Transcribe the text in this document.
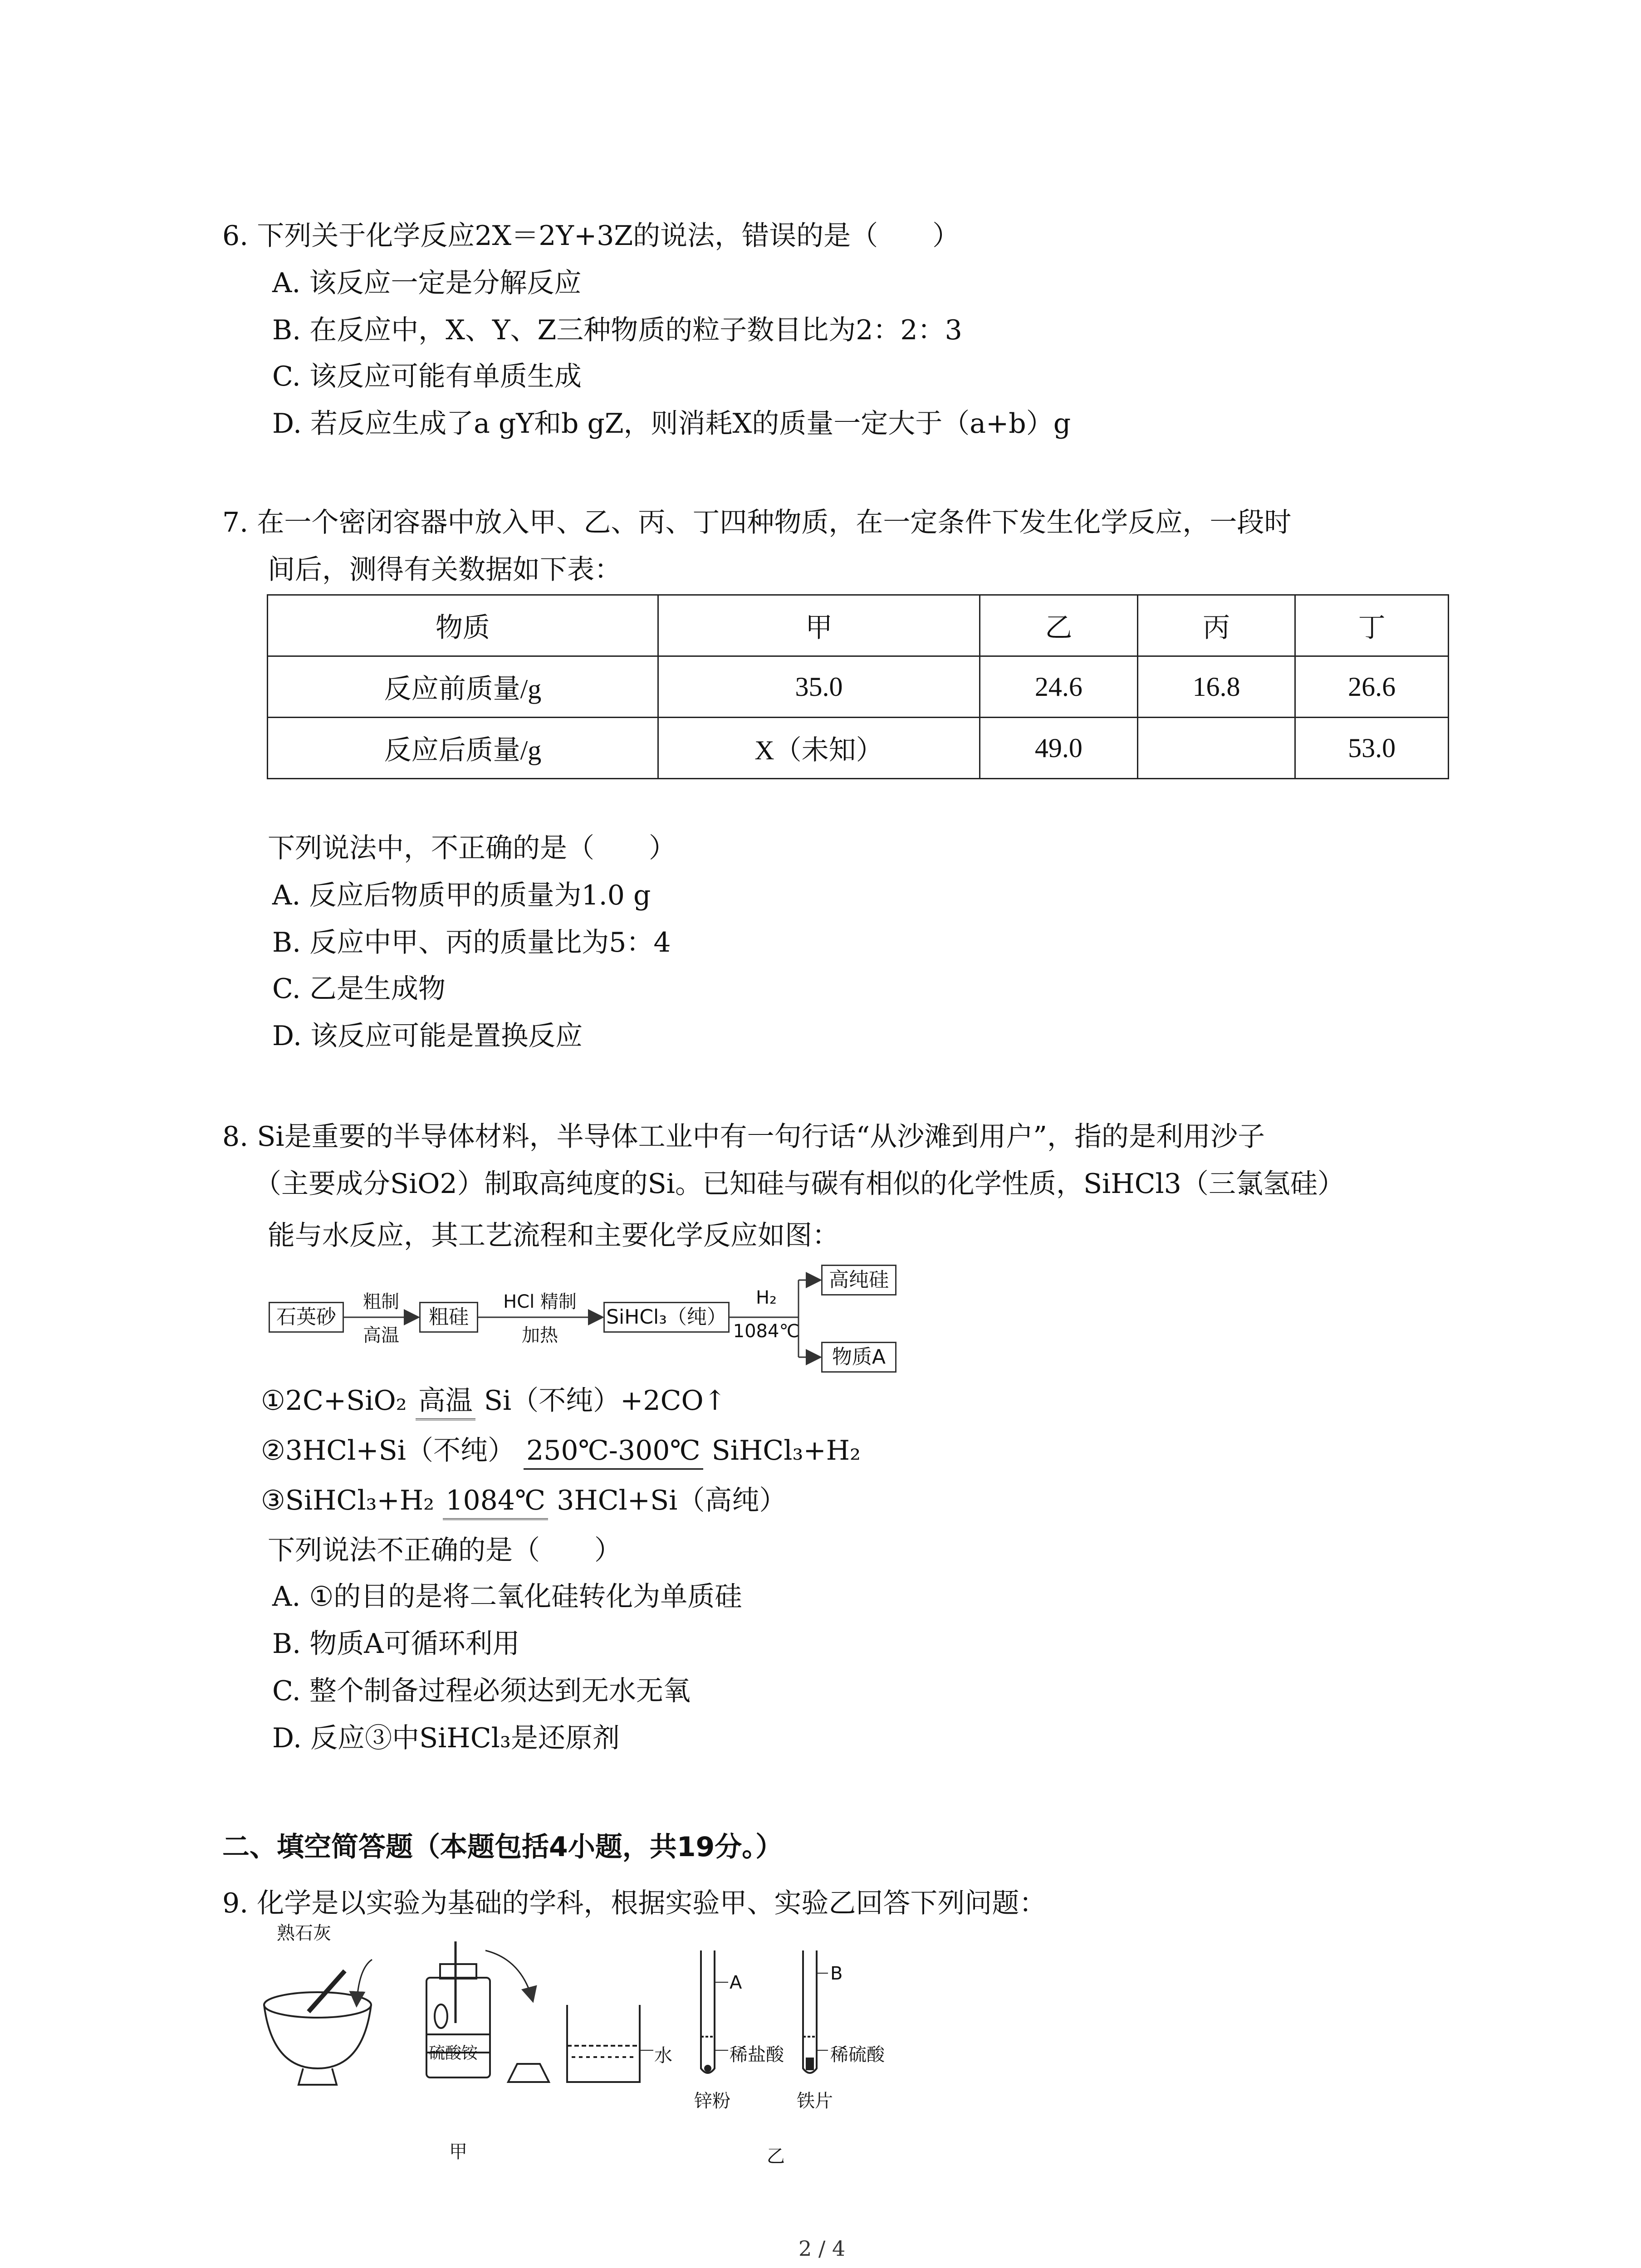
6. 下列关于化学反应2X＝2Y+3Z的说法，错误的是（　　）
A. 该反应一定是分解反应
B. 在反应中，X、Y、Z三种物质的粒子数目比为2：2：3
C. 该反应可能有单质生成
D. 若反应生成了a gY和b gZ，则消耗X的质量一定大于（a+b）g
7. 在一个密闭容器中放入甲、乙、丙、丁四种物质，在一定条件下发生化学反应，一段时
间后，测得有关数据如下表：
物质	甲	乙	丙	丁
反应前质量/g	35.0	24.6	16.8	26.6
反应后质量/g	X（未知）	49.0		53.0
下列说法中，不正确的是（　　）
A. 反应后物质甲的质量为1.0 g
B. 反应中甲、丙的质量比为5：4
C. 乙是生成物
D. 该反应可能是置换反应
8. Si是重要的半导体材料，半导体工业中有一句行话“从沙滩到用户”，指的是利用沙子
（主要成分SiO2）制取高纯度的Si。已知硅与碳有相似的化学性质，SiHCl3（三氯氢硅）
能与水反应，其工艺流程和主要化学反应如图：
石英砂	粗硅	SiHCl₃（纯）
高纯硅
物质A
粗制
高温
HCl 精制
加热
H₂
1084℃
①2C+SiO₂ 高温 Si（不纯）+2CO↑
②3HCl+Si（不纯） 250℃-300℃ SiHCl₃+H₂
③SiHCl₃+H₂ 1084℃ 3HCl+Si（高纯）
下列说法不正确的是（　　）
A. ①的目的是将二氧化硅转化为单质硅
B. 物质A可循环利用
C. 整个制备过程必须达到无水无氧
D. 反应③中SiHCl₃是还原剂
二、填空简答题（本题包括4小题，共19分。）
9. 化学是以实验为基础的学科，根据实验甲、实验乙回答下列问题：
熟石灰
硫酸铵	水
A	B
稀盐酸	稀硫酸
锌粉	铁片
甲	乙
2 / 4
